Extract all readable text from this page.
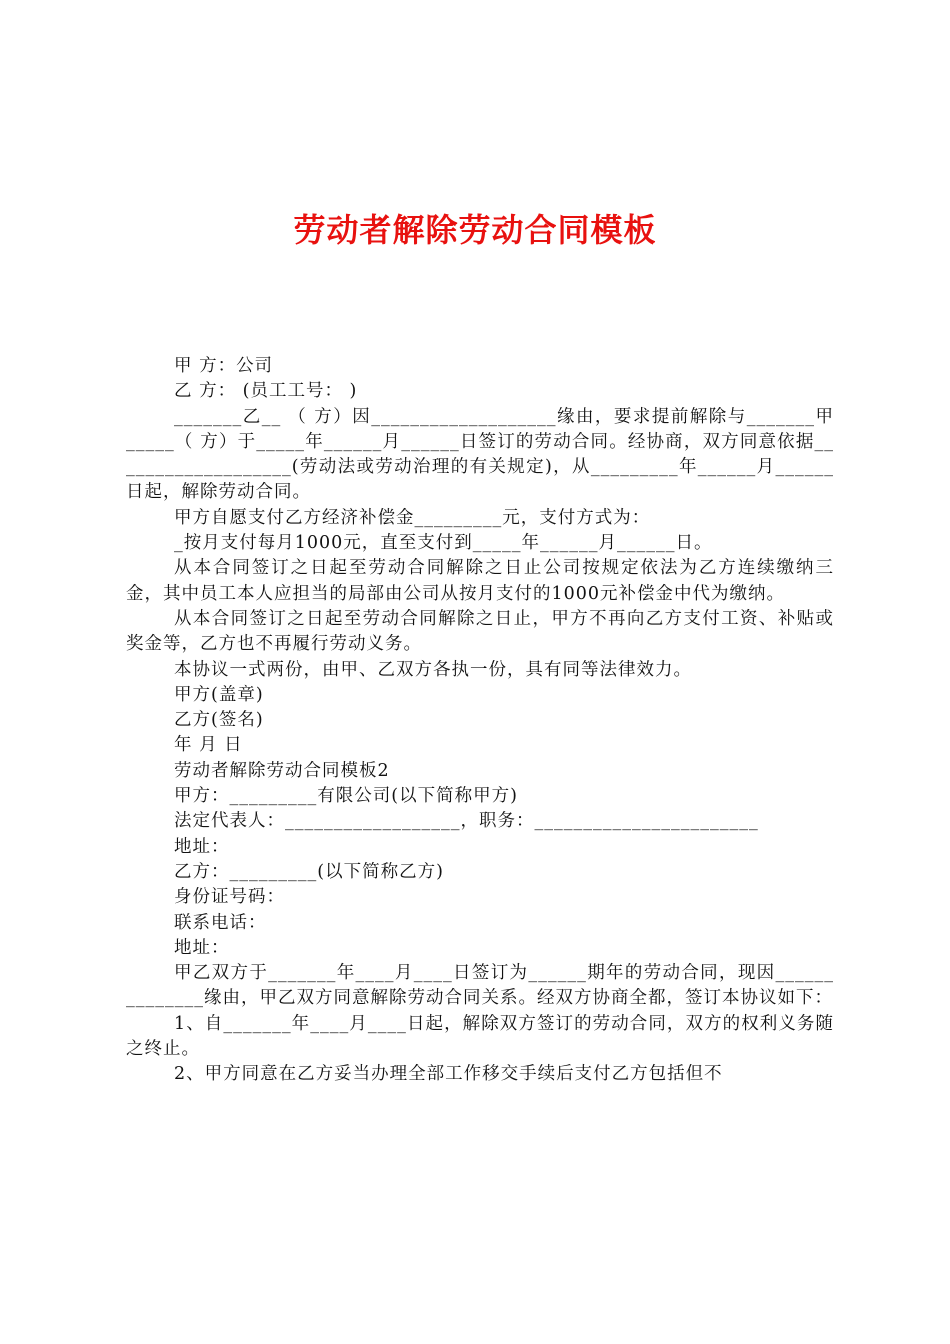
劳动者解除劳动合同模板

甲 方：公司

乙 方： (员工工号： )

_______乙__ （ 方）因___________________缘由，要求提前解除与_______甲_____（ 方）于_____年______月______日签订的劳动合同。经协商，双方同意依据___________________(劳动法或劳动治理的有关规定)，从_________年______月______日起，解除劳动合同。

甲方自愿支付乙方经济补偿金_________元，支付方式为：

_按月支付每月1000元，直至支付到_____年______月______日。

从本合同签订之日起至劳动合同解除之日止公司按规定依法为乙方连续缴纳三金，其中员工本人应担当的局部由公司从按月支付的1000元补偿金中代为缴纳。

从本合同签订之日起至劳动合同解除之日止，甲方不再向乙方支付工资、补贴或奖金等，乙方也不再履行劳动义务。

本协议一式两份，由甲、乙双方各执一份，具有同等法律效力。

甲方(盖章)

乙方(签名)

年 月 日

劳动者解除劳动合同模板2

甲方：_________有限公司(以下简称甲方)

法定代表人：__________________，职务：_______________________

地址：

乙方：_________(以下简称乙方)

身份证号码：

联系电话：

地址：

甲乙双方于_______年____月____日签订为______期年的劳动合同，现因______________缘由，甲乙双方同意解除劳动合同关系。经双方协商全都，签订本协议如下：

1、自_______年____月____日起，解除双方签订的劳动合同，双方的权利义务随之终止。

2、甲方同意在乙方妥当办理全部工作移交手续后支付乙方包括但不
